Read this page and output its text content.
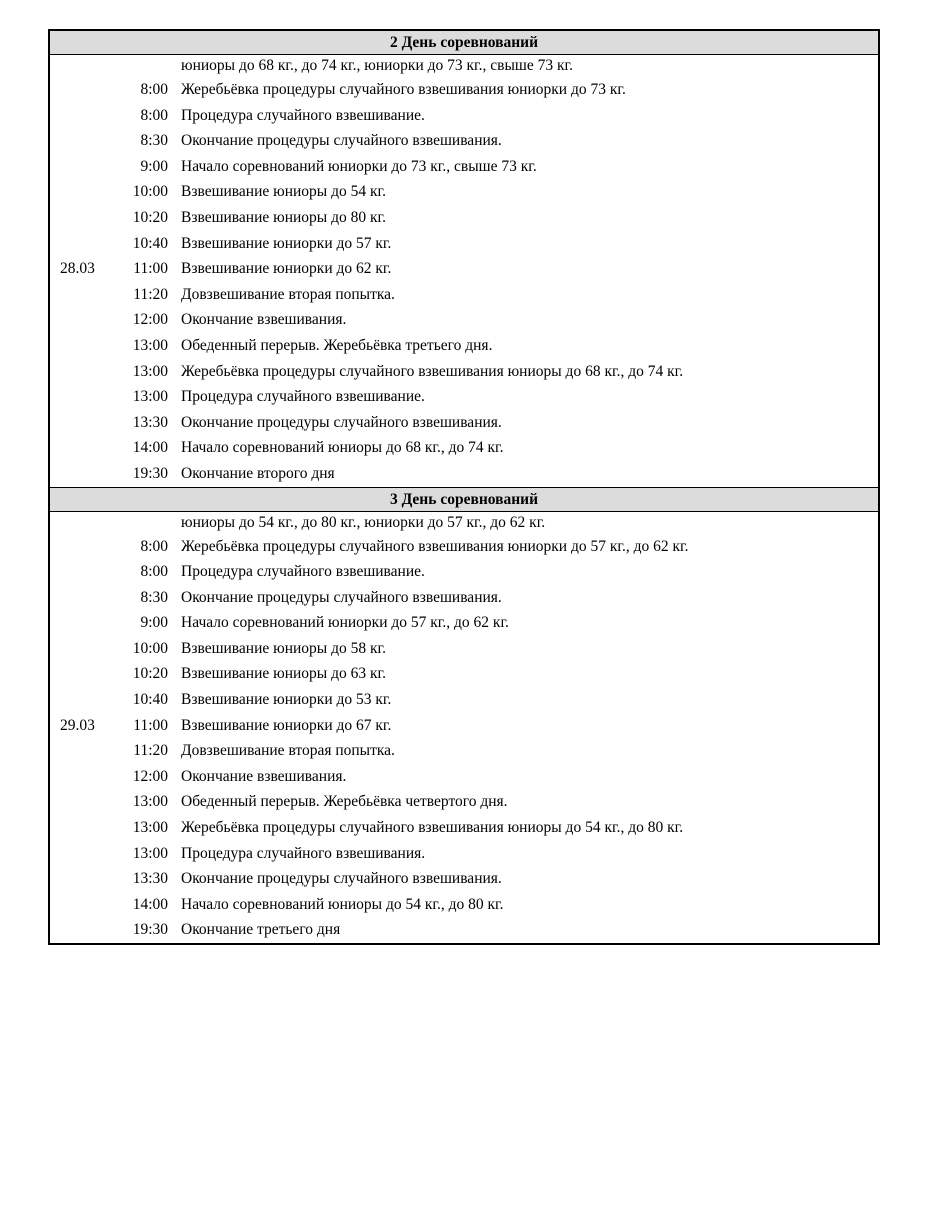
2 День соревнований
юниоры до 68 кг., до 74 кг., юниорки до 73 кг., свыше 73 кг.
8:00 Жеребьёвка процедуры случайного взвешивания юниорки до 73 кг.
8:00 Процедура случайного взвешивание.
8:30 Окончание процедуры случайного взвешивания.
9:00 Начало соревнований юниорки до 73 кг., свыше 73 кг.
10:00 Взвешивание юниоры до 54 кг.
10:20 Взвешивание юниоры до 80 кг.
10:40 Взвешивание юниорки до 57 кг.
28.03	11:00 Взвешивание юниорки до 62 кг.
11:20 Довзвешивание вторая попытка.
12:00 Окончание взвешивания.
13:00 Обеденный перерыв. Жеребьёвка третьего дня.
13:00 Жеребьёвка процедуры случайного взвешивания юниоры до 68 кг., до 74 кг.
13:00 Процедура случайного взвешивание.
13:30 Окончание процедуры случайного взвешивания.
14:00 Начало соревнований юниоры до 68 кг., до 74 кг.
19:30 Окончание второго дня
3 День соревнований
юниоры до 54 кг., до 80 кг., юниорки до 57 кг., до 62 кг.
8:00 Жеребьёвка процедуры случайного взвешивания юниорки до 57 кг., до 62 кг.
8:00 Процедура случайного взвешивание.
8:30 Окончание процедуры случайного взвешивания.
9:00 Начало соревнований юниорки до 57 кг., до 62 кг.
10:00 Взвешивание юниоры до 58 кг.
10:20 Взвешивание юниоры до 63 кг.
10:40 Взвешивание юниорки до 53 кг.
29.03	11:00 Взвешивание юниорки до 67 кг.
11:20 Довзвешивание вторая попытка.
12:00 Окончание взвешивания.
13:00 Обеденный перерыв. Жеребьёвка четвертого дня.
13:00 Жеребьёвка процедуры случайного взвешивания юниоры до 54 кг., до 80 кг.
13:00 Процедура случайного взвешивания.
13:30 Окончание процедуры случайного взвешивания.
14:00 Начало соревнований юниоры до 54 кг., до 80 кг.
19:30 Окончание третьего дня
